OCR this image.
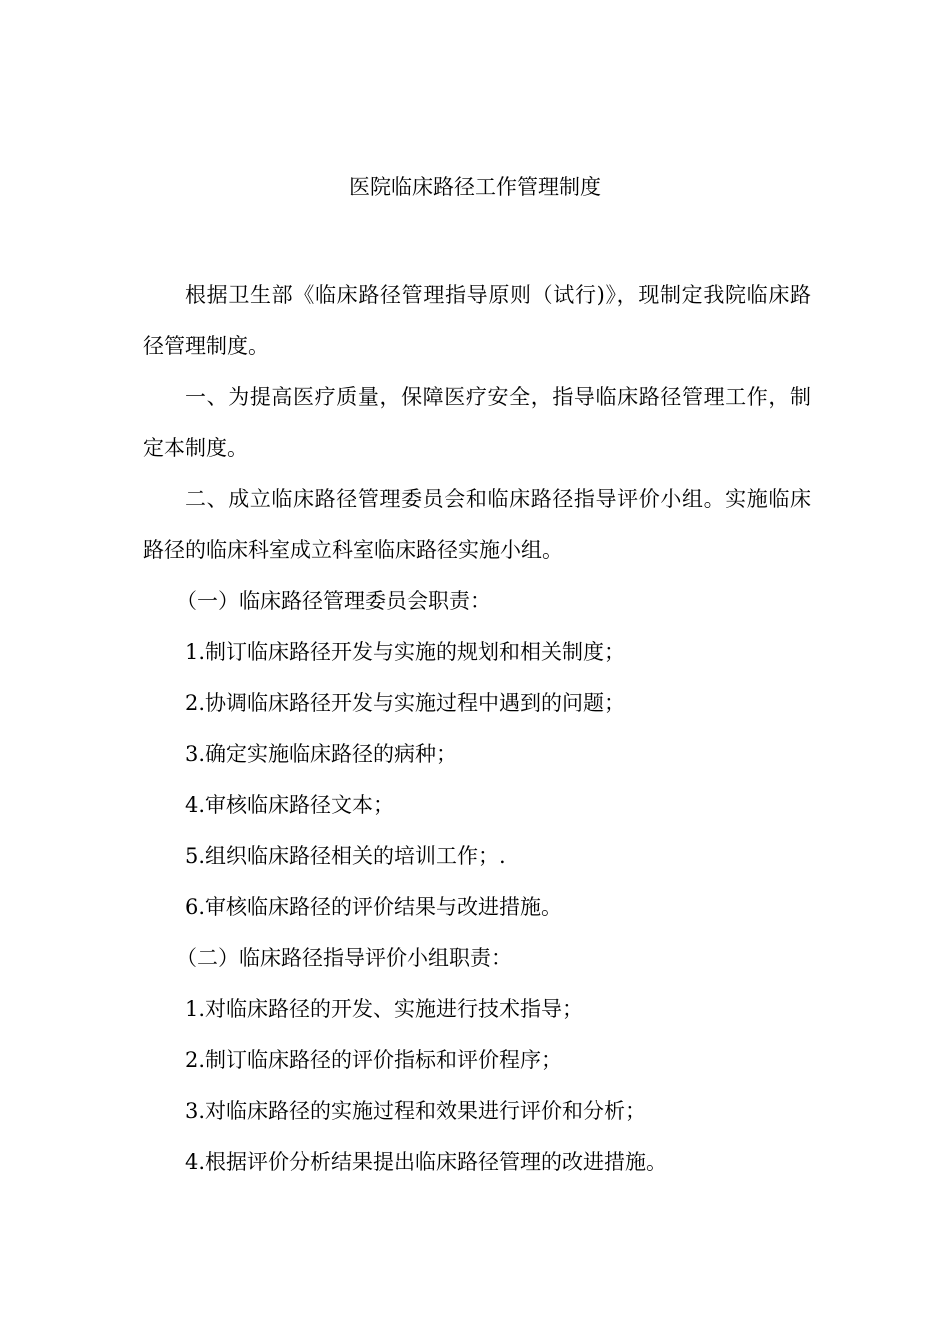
医院临床路径工作管理制度

根据卫生部《临床路径管理指导原则（试行)》，现制定我院临床路径管理制度。

一、为提高医疗质量，保障医疗安全，指导临床路径管理工作，制定本制度。

二、成立临床路径管理委员会和临床路径指导评价小组。实施临床路径的临床科室成立科室临床路径实施小组。

（一）临床路径管理委员会职责：

1.制订临床路径开发与实施的规划和相关制度；

2.协调临床路径开发与实施过程中遇到的问题；

3.确定实施临床路径的病种；

4.审核临床路径文本；

5.组织临床路径相关的培训工作；.

6.审核临床路径的评价结果与改进措施。

（二）临床路径指导评价小组职责：

1.对临床路径的开发、实施进行技术指导；

2.制订临床路径的评价指标和评价程序；

3.对临床路径的实施过程和效果进行评价和分析；

4.根据评价分析结果提出临床路径管理的改进措施。
